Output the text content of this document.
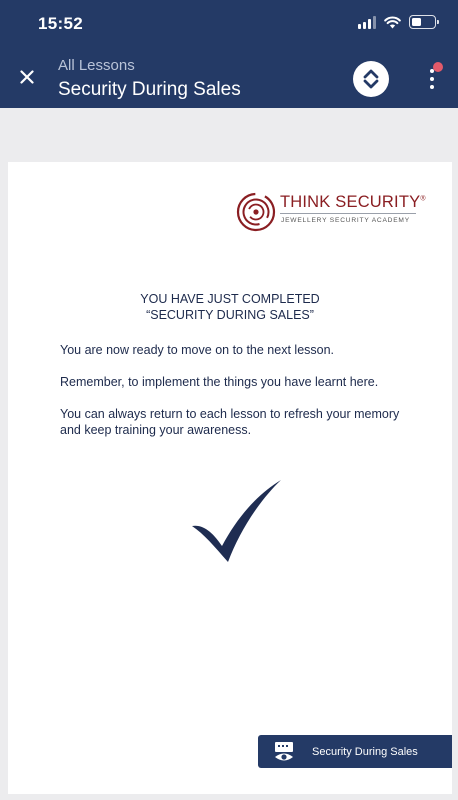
15:52
All Lessons
Security During Sales
THINK SECURITY®
JEWELLERY SECURITY ACADEMY
YOU HAVE JUST COMPLETED
“SECURITY DURING SALES”
You are now ready to move on to the next lesson.
Remember, to implement the things you have learnt here.
You can always return to each lesson to refresh your memory and keep training your awareness.
Security During Sales
